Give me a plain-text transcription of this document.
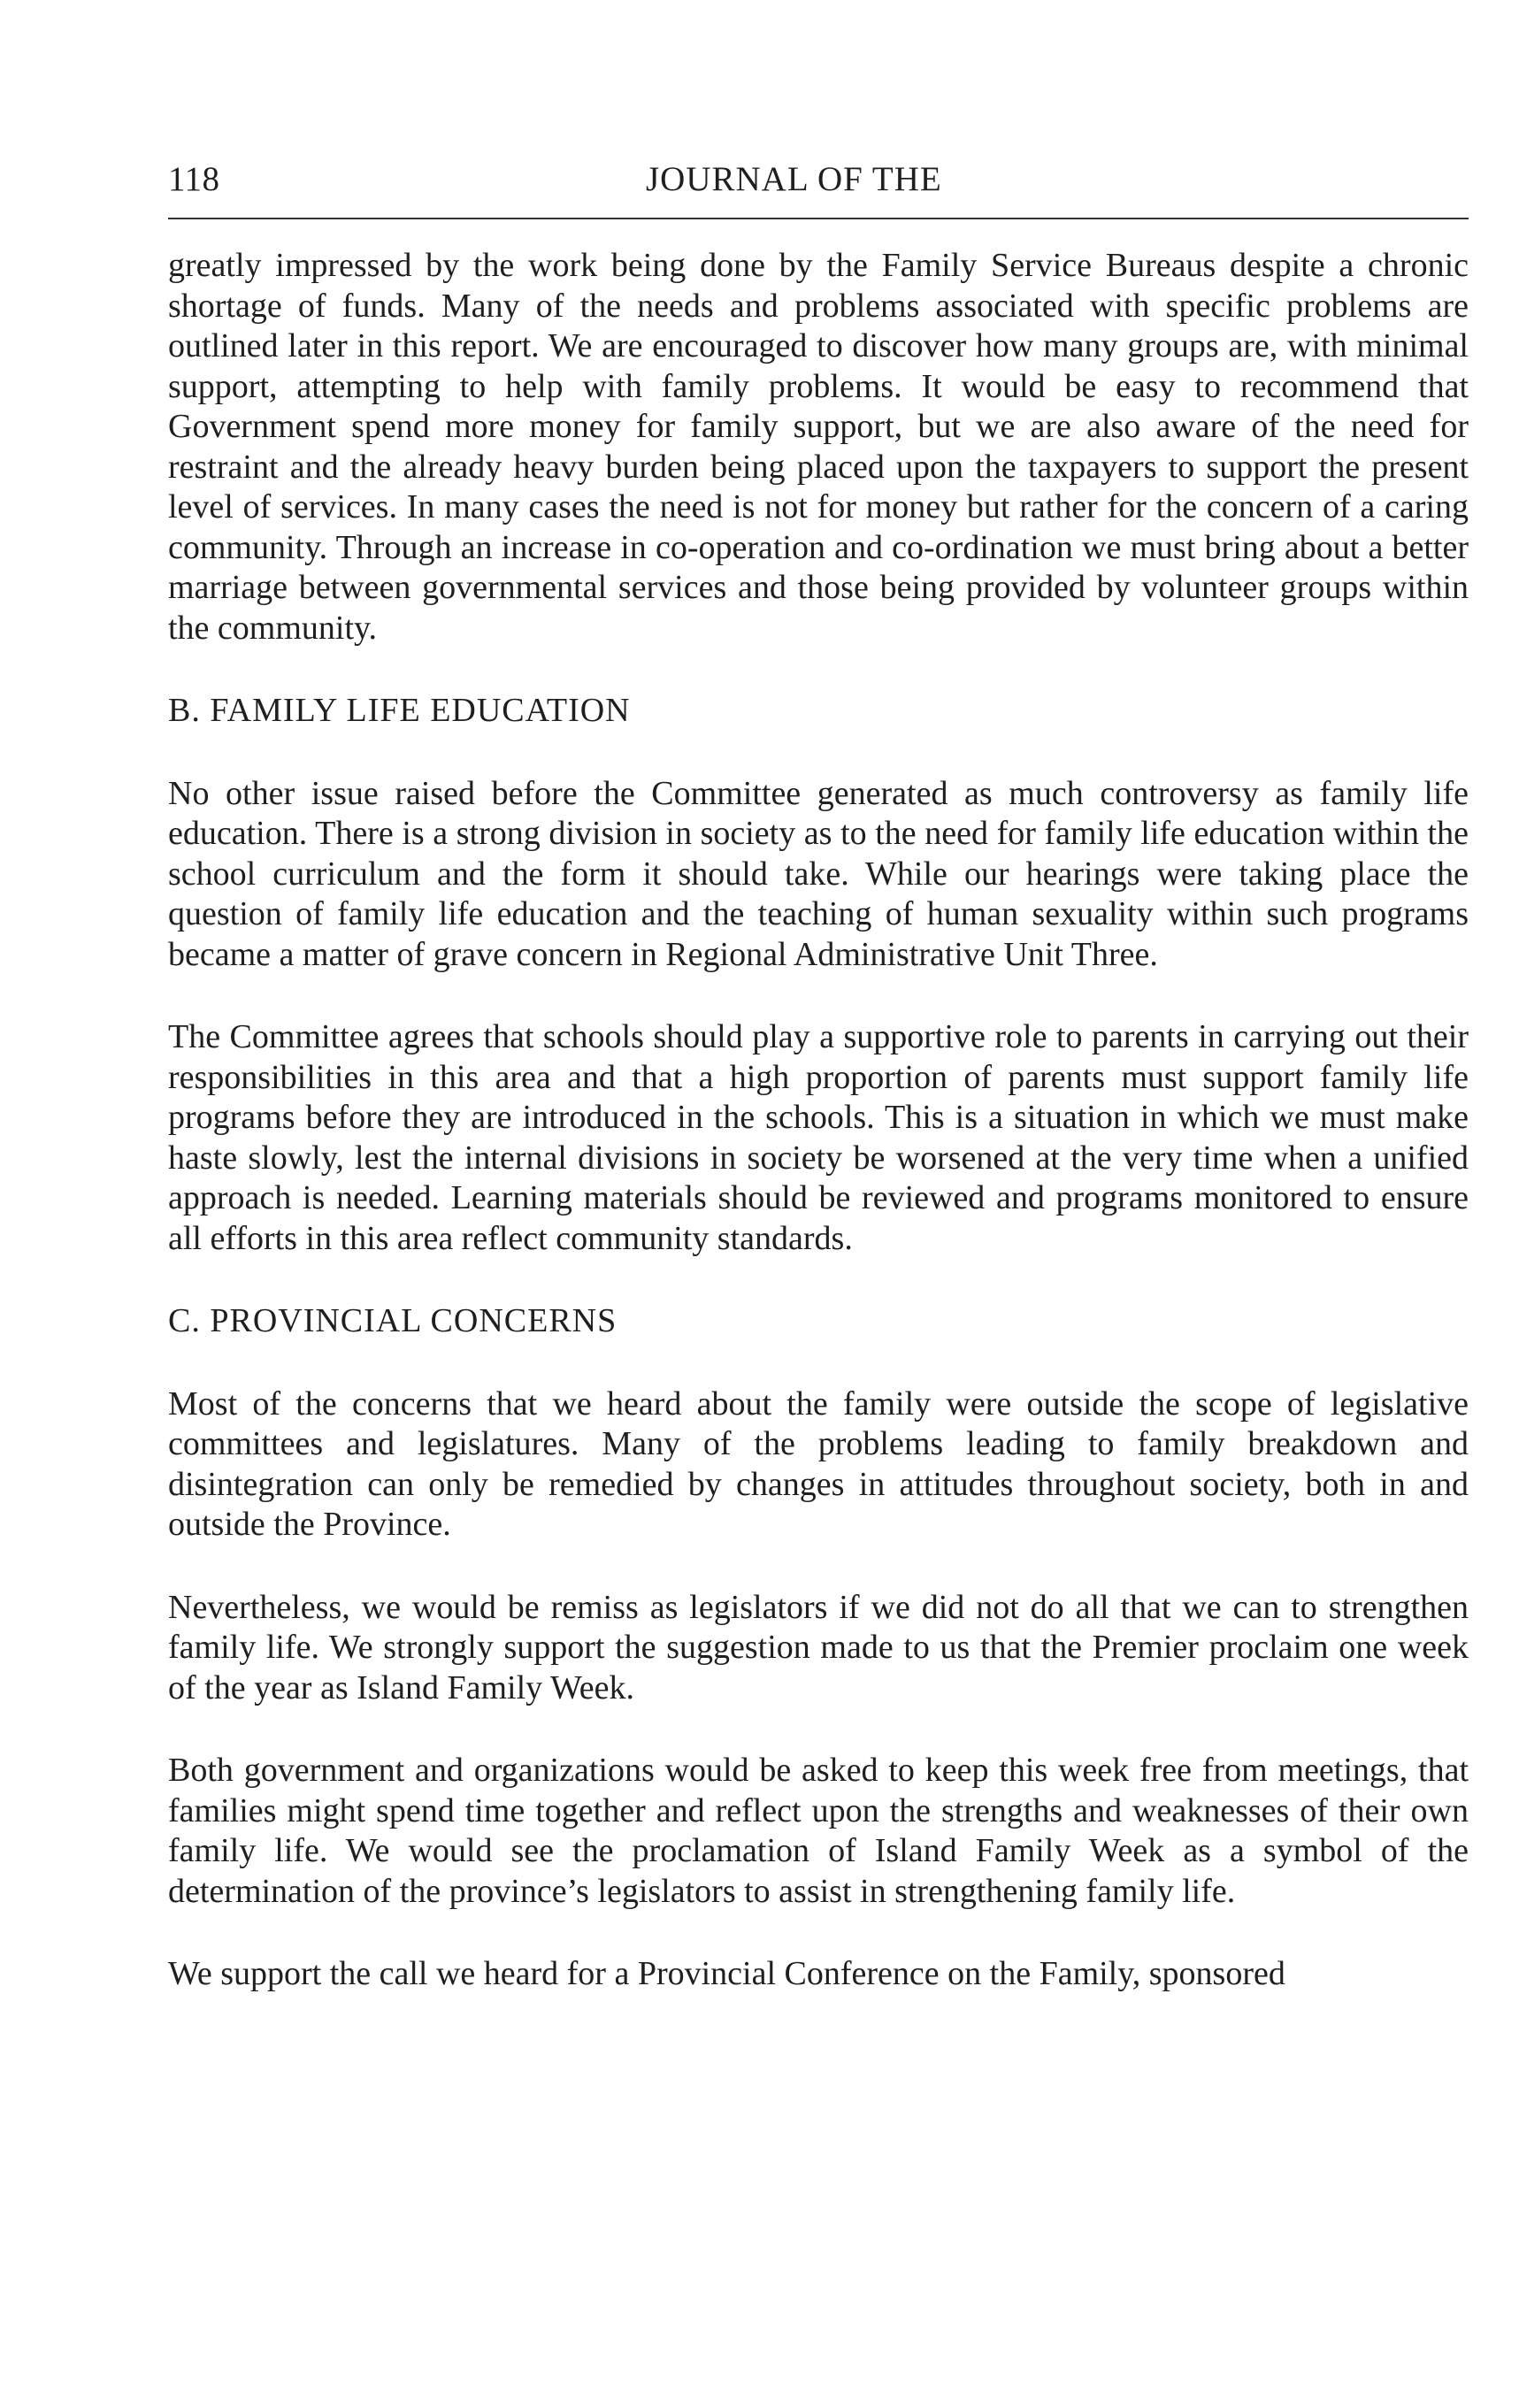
118	JOURNAL OF THE

greatly impressed by the work being done by the Family Service Bureaus despite a chronic shortage of funds. Many of the needs and problems associated with specific problems are outlined later in this report. We are encouraged to discover how many groups are, with minimal support, attempting to help with family problems. It would be easy to recommend that Government spend more money for family support, but we are also aware of the need for restraint and the already heavy burden being placed upon the taxpayers to support the present level of services. In many cases the need is not for money but rather for the concern of a caring community. Through an increase in co-operation and co-ordination we must bring about a better marriage between governmental services and those being provided by volunteer groups within the community.

B. FAMILY LIFE EDUCATION

No other issue raised before the Committee generated as much controversy as family life education. There is a strong division in society as to the need for family life education within the school curriculum and the form it should take. While our hearings were taking place the question of family life education and the teaching of human sexuality within such programs became a matter of grave concern in Regional Administrative Unit Three.

The Committee agrees that schools should play a supportive role to parents in carrying out their responsibilities in this area and that a high proportion of parents must support family life programs before they are introduced in the schools. This is a situation in which we must make haste slowly, lest the internal divisions in society be worsened at the very time when a unified approach is needed. Learning materials should be reviewed and programs monitored to ensure all efforts in this area reflect community standards.

C. PROVINCIAL CONCERNS

Most of the concerns that we heard about the family were outside the scope of legislative committees and legislatures. Many of the problems leading to family breakdown and disintegration can only be remedied by changes in attitudes throughout society, both in and outside the Province.

Nevertheless, we would be remiss as legislators if we did not do all that we can to strengthen family life. We strongly support the suggestion made to us that the Premier proclaim one week of the year as Island Family Week.

Both government and organizations would be asked to keep this week free from meetings, that families might spend time together and reflect upon the strengths and weaknesses of their own family life. We would see the proclamation of Island Family Week as a symbol of the determination of the province’s legislators to assist in strengthening family life.

We support the call we heard for a Provincial Conference on the Family, sponsored
